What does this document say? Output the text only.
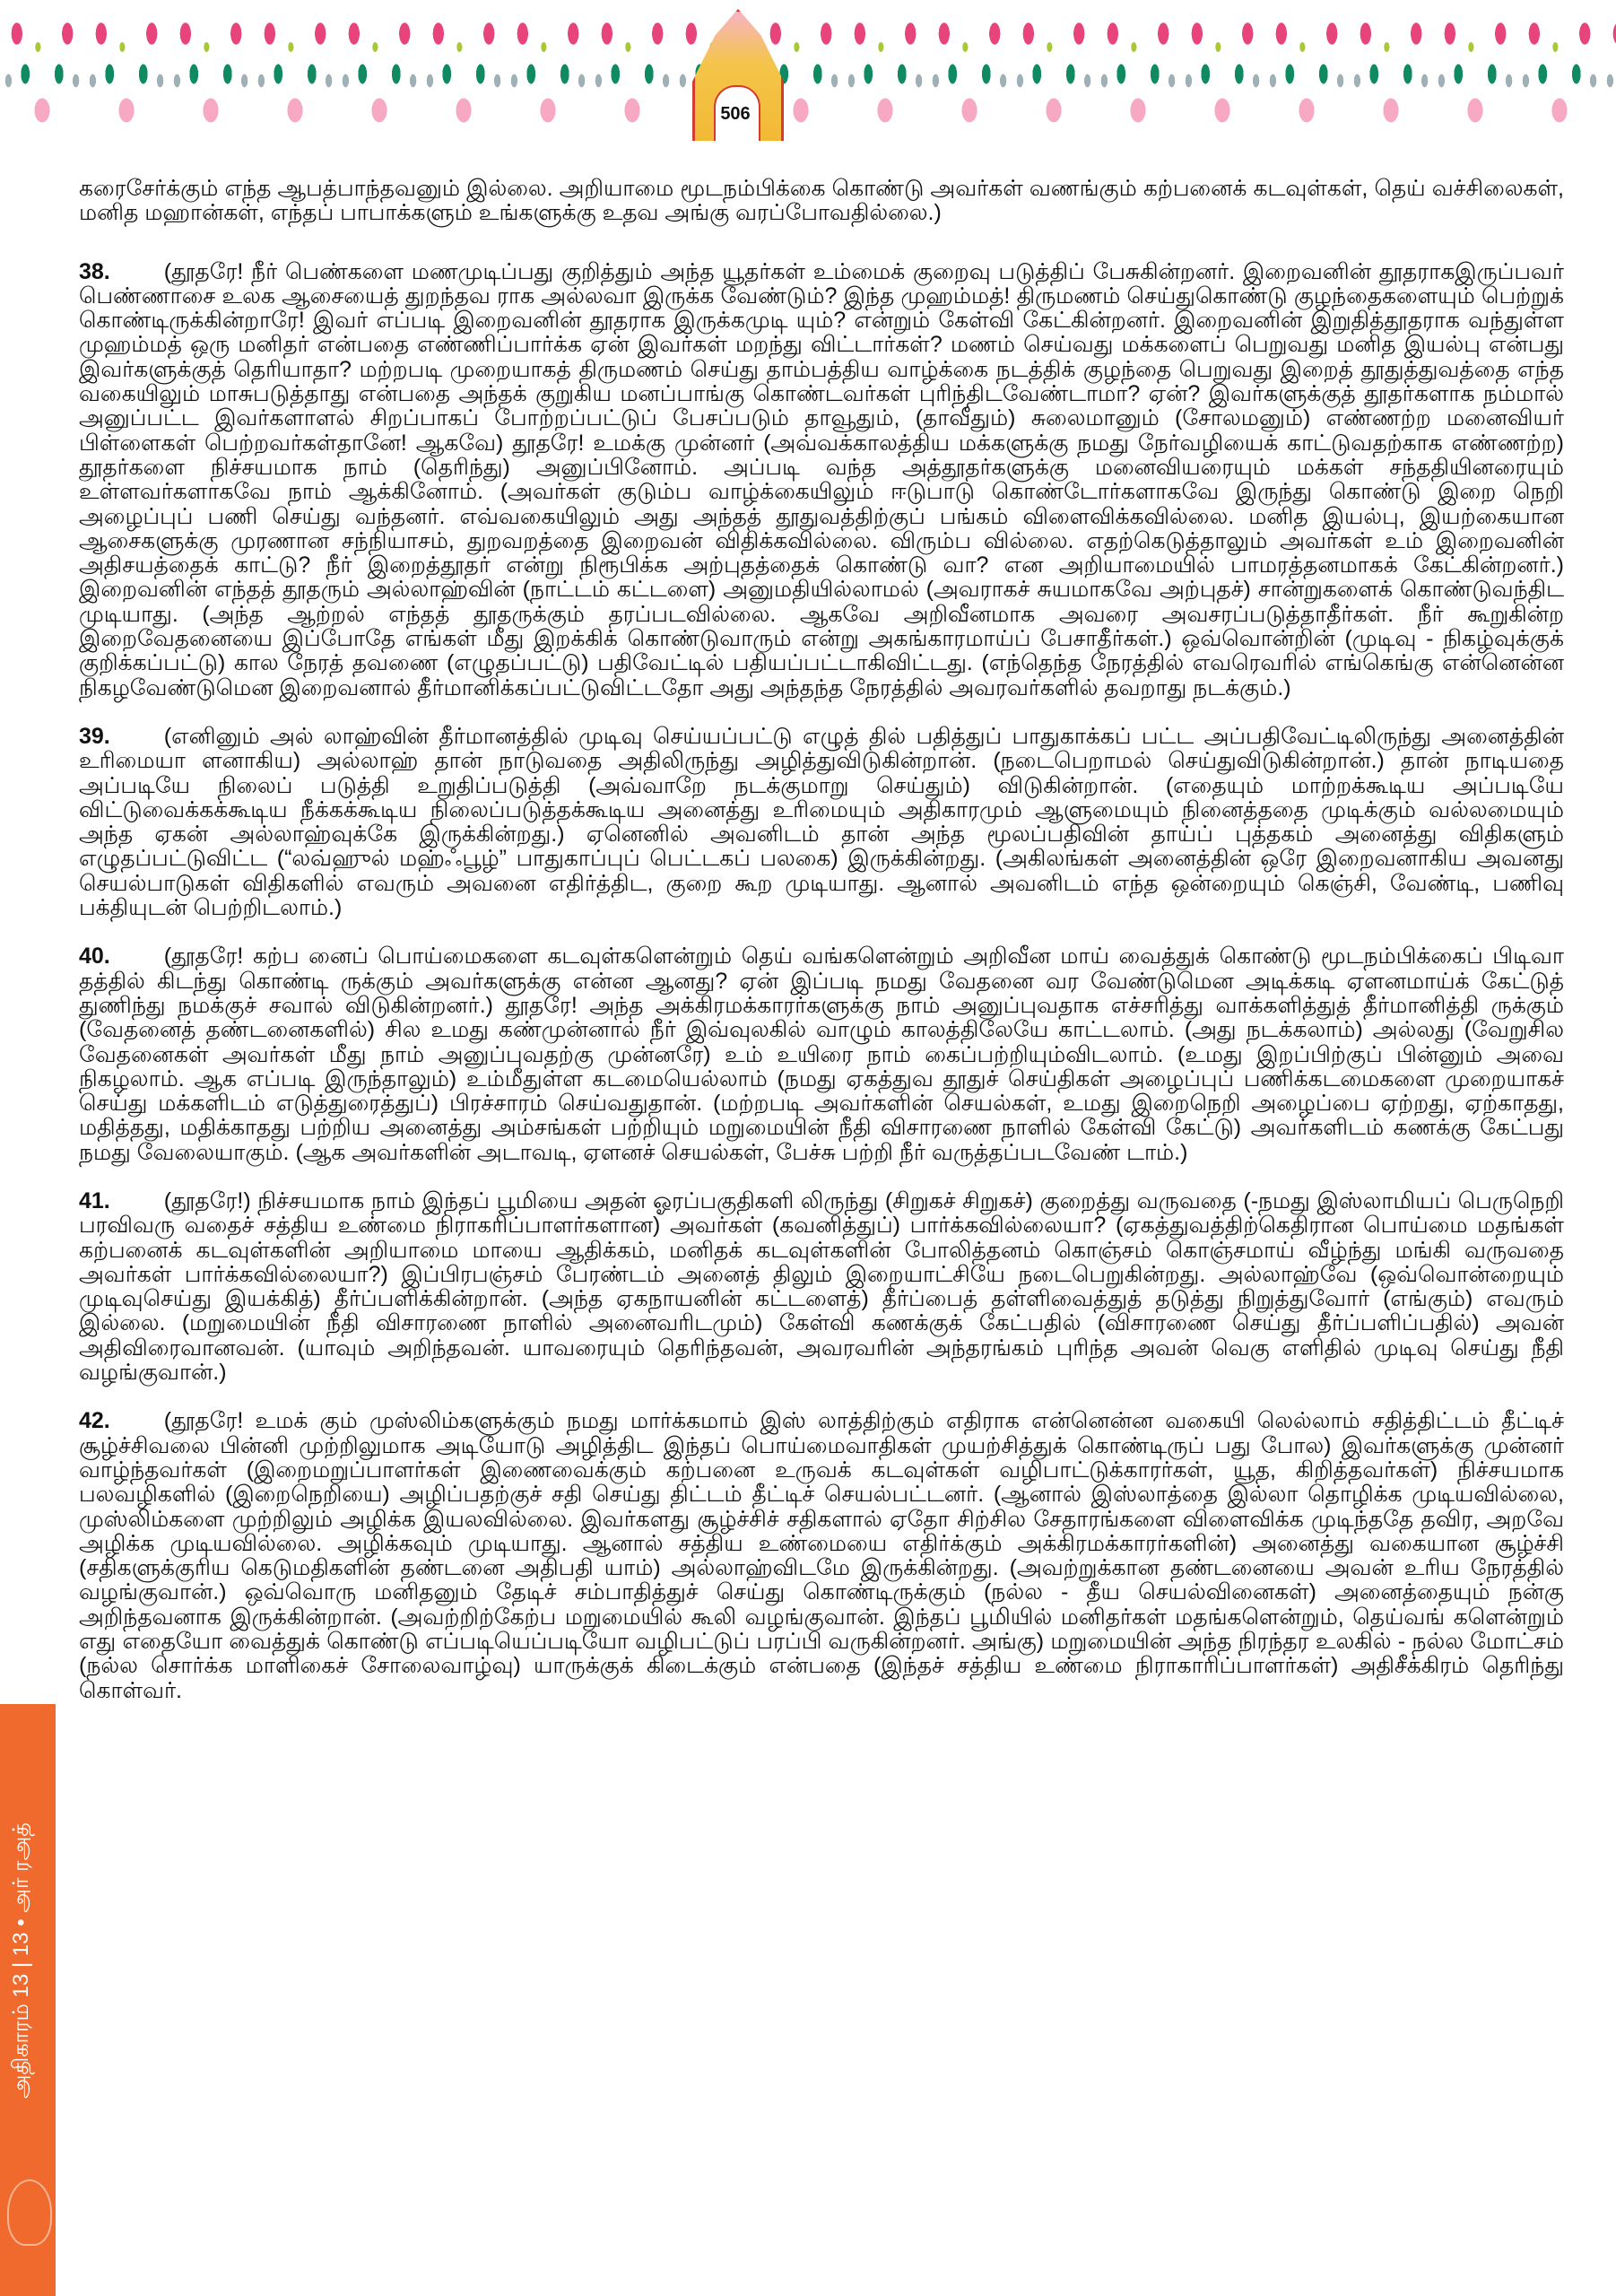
506

கரைசேர்க்கும் எந்த ஆபத்பாந்தவனும் இல்லை. அறியாமை மூடநம்பிக்கை கொண்டு அவர்கள் வணங்கும் கற்பனைக் கடவுள்கள், தெய் வச்சிலைகள், மனித மஹான்கள், எந்தப் பாபாக்களும் உங்களுக்கு உதவ அங்கு வரப்போவதில்லை.)

38. (தூதரே! நீர் பெண்களை மணமுடிப்பது குறித்தும் அந்த யூதர்கள் உம்மைக் குறைவு படுத்திப் பேசுகின்றனர். இறைவனின் தூதராகஇருப்பவர் பெண்ணாசை உலக ஆசையைத் துறந்தவ ராக அல்லவா இருக்க வேண்டும்? இந்த முஹம்மத்! திருமணம் செய்துகொண்டு குழந்தைகளையும் பெற்றுக் கொண்டிருக்கின்றாரே! இவர் எப்படி இறைவனின் தூதராக இருக்கமுடி யும்? என்றும் கேள்வி கேட்கின்றனர். இறைவனின் இறுதித்தூதராக வந்துள்ள முஹம்மத் ஒரு மனிதர் என்பதை எண்ணிப்பார்க்க ஏன் இவர்கள் மறந்து விட்டார்கள்? மணம் செய்வது மக்களைப் பெறுவது மனித இயல்பு என்பது இவர்களுக்குத் தெரியாதா? மற்றபடி முறையாகத் திருமணம் செய்து தாம்பத்திய வாழ்க்கை நடத்திக் குழந்தை பெறுவது இறைத் தூதுத்துவத்தை எந்த வகையிலும் மாசுபடுத்தாது என்பதை அந்தக் குறுகிய மனப்பாங்கு கொண்டவர்கள் புரிந்திடவேண்டாமா? ஏன்? இவர்களுக்குத் தூதர்களாக நம்மால் அனுப்பட்ட இவர்களாளல் சிறப்பாகப் போற்றப்பட்டுப் பேசப்படும் தாவூதும், (தாவீதும்) சுலைமானும் (சோலமனும்) எண்ணற்ற மனைவியர் பிள்ளைகள் பெற்றவர்கள்தானே! ஆகவே) தூதரே! உமக்கு முன்னர் (அவ்வக்காலத்திய மக்களுக்கு நமது நேர்வழியைக் காட்டுவதற்காக எண்ணற்ற) தூதர்களை நிச்சயமாக நாம் (தெரிந்து) அனுப்பினோம். அப்படி வந்த அத்தூதர்களுக்கு மனைவியரையும் மக்கள் சந்ததியினரையும் உள்ளவர்களாகவே நாம் ஆக்கினோம். (அவர்கள் குடும்ப வாழ்க்கையிலும் ஈடுபாடு கொண்டோர்களாகவே இருந்து கொண்டு இறை நெறி அழைப்புப் பணி செய்து வந்தனர். எவ்வகையிலும் அது அந்தத் தூதுவத்திற்குப் பங்கம் விளைவிக்கவில்லை. மனித இயல்பு, இயற்கையான ஆசைகளுக்கு முரணான சந்நியாசம், துறவறத்தை இறைவன் விதிக்கவில்லை. விரும்ப வில்லை. எதற்கெடுத்தாலும் அவர்கள் உம் இறைவனின் அதிசயத்தைக் காட்டு? நீர் இறைத்தூதர் என்று நிரூபிக்க அற்புதத்தைக் கொண்டு வா? என அறியாமையில் பாமரத்தனமாகக் கேட்கின்றனர்.) இறைவனின் எந்தத் தூதரும் அல்லாஹ்வின் (நாட்டம் கட்டளை) அனுமதியில்லாமல் (அவராகச் சுயமாகவே அற்புதச்) சான்றுகளைக் கொண்டுவந்திட முடியாது. (அந்த ஆற்றல் எந்தத் தூதருக்கும் தரப்படவில்லை. ஆகவே அறிவீனமாக அவரை அவசரப்படுத்தாதீர்கள். நீர் கூறுகின்ற இறைவேதனையை இப்போதே எங்கள் மீது இறக்கிக் கொண்டுவாரும் என்று அகங்காரமாய்ப் பேசாதீர்கள்.) ஒவ்வொன்றின் (முடிவு - நிகழ்வுக்குக் குறிக்கப்பட்டு) கால நேரத் தவணை (எழுதப்பட்டு) பதிவேட்டில் பதியப்பட்டாகிவிட்டது. (எந்தெந்த நேரத்தில் எவரெவரில் எங்கெங்கு என்னென்ன நிகழவேண்டுமென இறைவனால் தீர்மானிக்கப்பட்டுவிட்டதோ அது அந்தந்த நேரத்தில் அவரவர்களில் தவறாது நடக்கும்.)

39. (எனினும் அல் லாஹ்வின் தீர்மானத்தில் முடிவு செய்யப்பட்டு எழுத் தில் பதித்துப் பாதுகாக்கப் பட்ட அப்பதிவேட்டிலிருந்து அனைத்தின் உரிமையா ளனாகிய) அல்லாஹ் தான் நாடுவதை அதிலிருந்து அழித்துவிடுகின்றான். (நடைபெறாமல் செய்துவிடுகின்றான்.) தான் நாடியதை அப்படியே நிலைப் படுத்தி உறுதிப்படுத்தி (அவ்வாறே நடக்குமாறு செய்தும்) விடுகின்றான். (எதையும் மாற்றக்கூடிய அப்படியே விட்டுவைக்கக்கூடிய நீக்கக்கூடிய நிலைப்படுத்தக்கூடிய அனைத்து உரிமையும் அதிகாரமும் ஆளுமையும் நினைத்ததை முடிக்கும் வல்லமையும் அந்த ஏகன் அல்லாஹ்வுக்கே இருக்கின்றது.) ஏனெனில் அவனிடம் தான் அந்த மூலப்பதிவின் தாய்ப் புத்தகம் அனைத்து விதிகளும் எழுதப்பட்டுவிட்ட (“லவ்ஹுல் மஹ்ஃபூழ்” பாதுகாப்புப் பெட்டகப் பலகை) இருக்கின்றது. (அகிலங்கள் அனைத்தின் ஒரே இறைவனாகிய அவனது செயல்பாடுகள் விதிகளில் எவரும் அவனை எதிர்த்திட, குறை கூற முடியாது. ஆனால் அவனிடம் எந்த ஒன்றையும் கெஞ்சி, வேண்டி, பணிவு பக்தியுடன் பெற்றிடலாம்.)

40. (தூதரே! கற்ப னைப் பொய்மைகளை கடவுள்களென்றும் தெய் வங்களென்றும் அறிவீன மாய் வைத்துக் கொண்டு மூடநம்பிக்கைப் பிடிவா தத்தில் கிடந்து கொண்டி ருக்கும் அவர்களுக்கு என்ன ஆனது? ஏன் இப்படி நமது வேதனை வர வேண்டுமென அடிக்கடி ஏளனமாய்க் கேட்டுத் துணிந்து நமக்குச் சவால் விடுகின்றனர்.) தூதரே! அந்த அக்கிரமக்காரர்களுக்கு நாம் அனுப்புவதாக எச்சரித்து வாக்களித்துத் தீர்மானித்தி ருக்கும் (வேதனைத் தண்டனைகளில்) சில உமது கண்முன்னால் நீர் இவ்வுலகில் வாழும் காலத்திலேயே காட்டலாம். (அது நடக்கலாம்) அல்லது (வேறுசில வேதனைகள் அவர்கள் மீது நாம் அனுப்புவதற்கு முன்னரே) உம் உயிரை நாம் கைப்பற்றியும்விடலாம். (உமது இறப்பிற்குப் பின்னும் அவை நிகழலாம். ஆக எப்படி இருந்தாலும்) உம்மீதுள்ள கடமையெல்லாம் (நமது ஏகத்துவ தூதுச் செய்திகள் அழைப்புப் பணிக்கடமைகளை முறையாகச் செய்து மக்களிடம் எடுத்துரைத்துப்) பிரச்சாரம் செய்வதுதான். (மற்றபடி அவர்களின் செயல்கள், உமது இறைநெறி அழைப்பை ஏற்றது, ஏற்காதது, மதித்தது, மதிக்காதது பற்றிய அனைத்து அம்சங்கள் பற்றியும் மறுமையின் நீதி விசாரணை நாளில் கேள்வி கேட்டு) அவர்களிடம் கணக்கு கேட்பது நமது வேலையாகும். (ஆக அவர்களின் அடாவடி, ஏளனச் செயல்கள், பேச்சு பற்றி நீர் வருத்தப்படவேண் டாம்.)

41. (தூதரே!) நிச்சயமாக நாம் இந்தப் பூமியை அதன் ஓரப்பகுதிகளி லிருந்து (சிறுகச் சிறுகச்) குறைத்து வருவதை (-நமது இஸ்லாமியப் பெருநெறி பரவிவரு வதைச் சத்திய உண்மை நிராகரிப்பாளர்களான) அவர்கள் (கவனித்துப்) பார்க்கவில்லையா? (ஏகத்துவத்திற்கெதிரான பொய்மை மதங்கள் கற்பனைக் கடவுள்களின் அறியாமை மாயை ஆதிக்கம், மனிதக் கடவுள்களின் போலித்தனம் கொஞ்சம் கொஞ்சமாய் வீழ்ந்து மங்கி வருவதை அவர்கள் பார்க்கவில்லையா?) இப்பிரபஞ்சம் பேரண்டம் அனைத் திலும் இறையாட்சியே நடைபெறுகின்றது. அல்லாஹ்வே (ஒவ்வொன்றையும் முடிவுசெய்து இயக்கித்) தீர்ப்பளிக்கின்றான். (அந்த ஏகநாயனின் கட்டளைத்) தீர்ப்பைத் தள்ளிவைத்துத் தடுத்து நிறுத்துவோர் (எங்கும்) எவரும் இல்லை. (மறுமையின் நீதி விசாரணை நாளில் அனைவரிடமும்) கேள்வி கணக்குக் கேட்பதில் (விசாரணை செய்து தீர்ப்பளிப்பதில்) அவன் அதிவிரைவானவன். (யாவும் அறிந்தவன். யாவரையும் தெரிந்தவன், அவரவரின் அந்தரங்கம் புரிந்த அவன் வெகு எளிதில் முடிவு செய்து நீதி வழங்குவான்.)

42. (தூதரே! உமக் கும் முஸ்லிம்களுக்கும் நமது மார்க்கமாம் இஸ் லாத்திற்கும் எதிராக என்னென்ன வகையி லெல்லாம் சதித்திட்டம் தீட்டிச் சூழ்ச்சிவலை பின்னி முற்றிலுமாக அடியோடு அழித்திட இந்தப் பொய்மைவாதிகள் முயற்சித்துக் கொண்டிருப் பது போல) இவர்களுக்கு முன்னர் வாழ்ந்தவர்கள் (இறைமறுப்பாளர்கள் இணைவைக்கும் கற்பனை உருவக் கடவுள்கள் வழிபாட்டுக்காரர்கள், யூத, கிறித்தவர்கள்) நிச்சயமாக பலவழிகளில் (இறைநெறியை) அழிப்பதற்குச் சதி செய்து திட்டம் தீட்டிச் செயல்பட்டனர். (ஆனால் இஸ்லாத்தை இல்லா தொழிக்க முடியவில்லை, முஸ்லிம்களை முற்றிலும் அழிக்க இயலவில்லை. இவர்களது சூழ்ச்சிச் சதிகளால் ஏதோ சிற்சில சேதாரங்களை விளைவிக்க முடிந்ததே தவிர, அறவே அழிக்க முடியவில்லை. அழிக்கவும் முடியாது. ஆனால் சத்திய உண்மையை எதிர்க்கும் அக்கிரமக்காரர்களின்) அனைத்து வகையான சூழ்ச்சி (சதிகளுக்குரிய கெடுமதிகளின் தண்டனை அதிபதி யாம்) அல்லாஹ்விடமே இருக்கின்றது. (அவற்றுக்கான தண்டனையை அவன் உரிய நேரத்தில் வழங்குவான்.) ஒவ்வொரு மனிதனும் தேடிச் சம்பாதித்துச் செய்து கொண்டிருக்கும் (நல்ல - தீய செயல்வினைகள்) அனைத்தையும் நன்கு அறிந்தவனாக இருக்கின்றான். (அவற்றிற்கேற்ப மறுமையில் கூலி வழங்குவான். இந்தப் பூமியில் மனிதர்கள் மதங்களென்றும், தெய்வங் களென்றும் எது எதையோ வைத்துக் கொண்டு எப்படியெப்படியோ வழிபட்டுப் பரப்பி வருகின்றனர். அங்கு) மறுமையின் அந்த நிரந்தர உலகில் - நல்ல மோட்சம் (நல்ல சொர்க்க மாளிகைச் சோலைவாழ்வு) யாருக்குக் கிடைக்கும் என்பதை (இந்தச் சத்திய உண்மை நிராகாரிப்பாளர்கள்) அதிசீக்கிரம் தெரிந்து கொள்வர்.
